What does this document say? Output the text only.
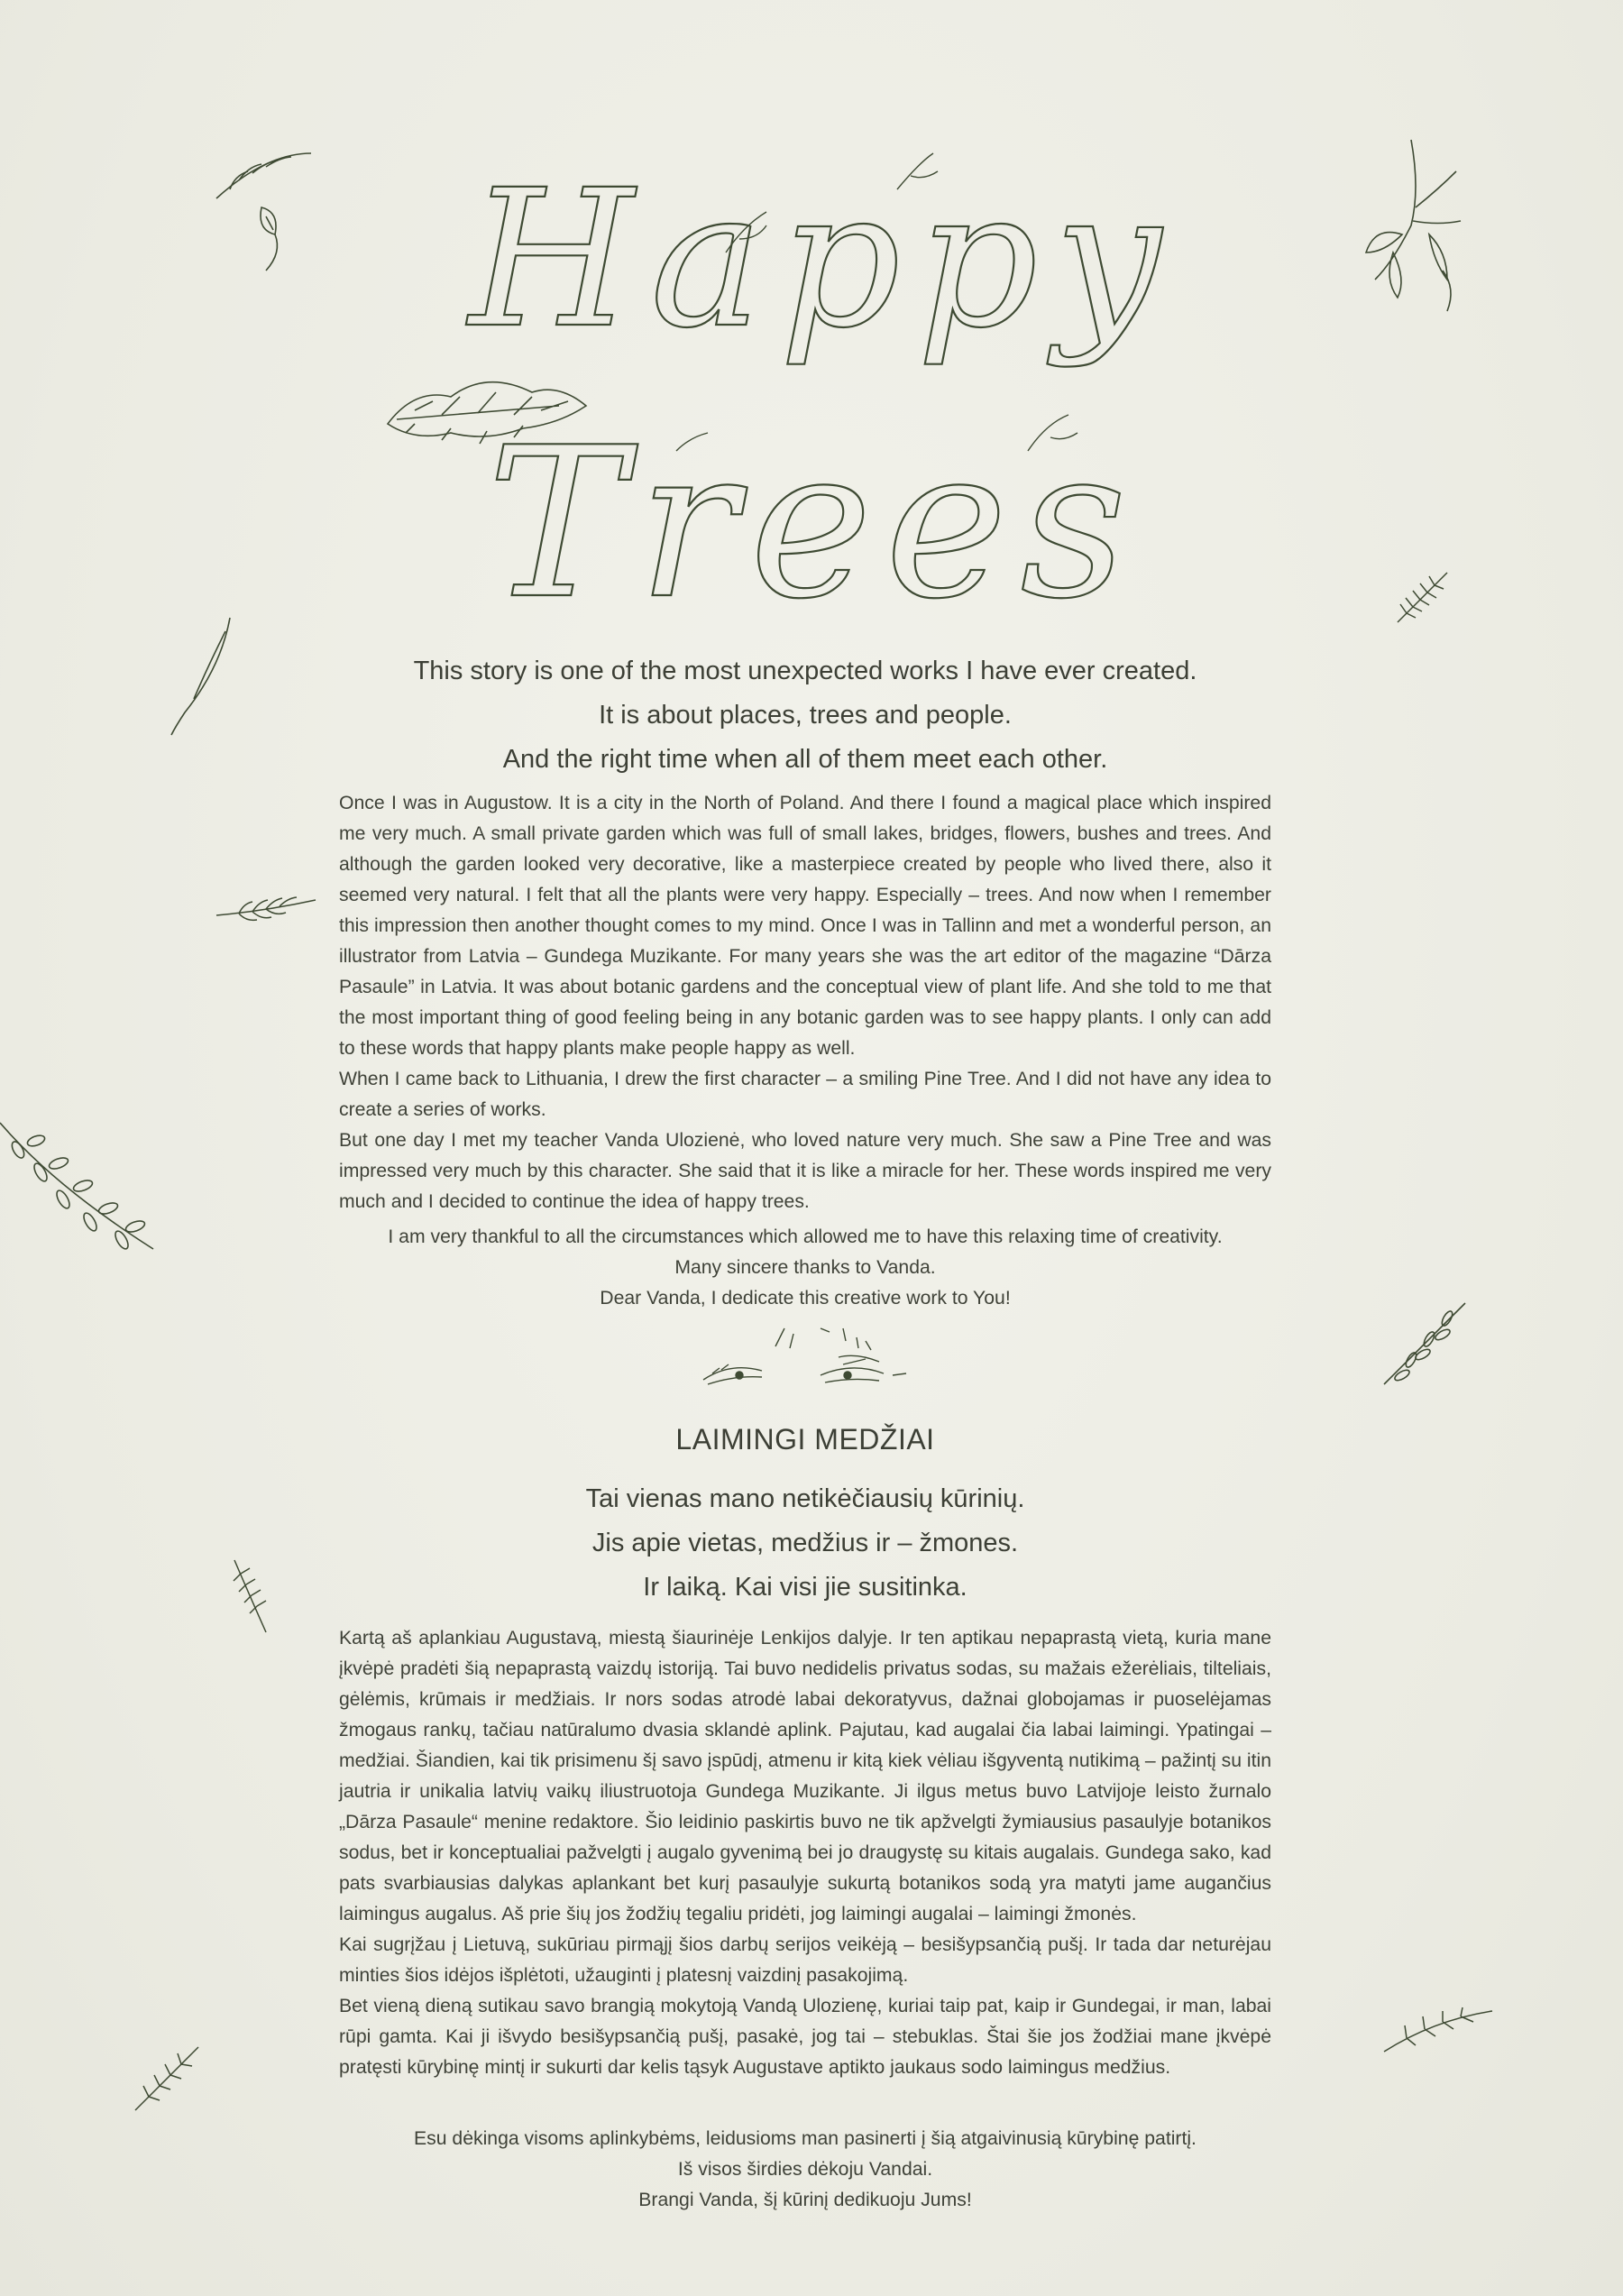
Happy
Trees
This story is one of the most unexpected works I have ever created.
It is about places, trees and people.
And the right time when all of them meet each other.

Once I was in Augustow. It is a city in the North of Poland. And there I found a magical place which inspired me very much. A small private garden which was full of small lakes, bridges, flowers, bushes and trees. And although the garden looked very decorative, like a masterpiece created by people who lived there, also it seemed very natural. I felt that all the plants were very happy. Especially – trees. And now when I remember this impression then another thought comes to my mind. Once I was in Tallinn and met a wonderful person, an illustrator from Latvia – Gundega Muzikante. For many years she was the art editor of the magazine “Dārza Pasaule” in Latvia. It was about botanic gardens and the conceptual view of plant life. And she told to me that the most important thing of good feeling being in any botanic garden was to see happy plants. I only can add to these words that happy plants make people happy as well.

When I came back to Lithuania, I drew the first character – a smiling Pine Tree. And I did not have any idea to create a series of works.

But one day I met my teacher Vanda Ulozienė, who loved nature very much. She saw a Pine Tree and was impressed very much by this character. She said that it is like a miracle for her. These words inspired me very much and I decided to continue the idea of happy trees.

I am very thankful to all the circumstances which allowed me to have this relaxing time of creativity.

Many sincere thanks to Vanda.

Dear Vanda, I dedicate this creative work to You!

LAIMINGI MEDŽIAI
Tai vienas mano netikėčiausių kūrinių.
Jis apie vietas, medžius ir – žmones.
Ir laiką. Kai visi jie susitinka.

Kartą aš aplankiau Augustavą, miestą šiaurinėje Lenkijos dalyje. Ir ten aptikau nepaprastą vietą, kuria mane įkvėpė pradėti šią nepaprastą vaizdų istoriją. Tai buvo nedidelis privatus sodas, su mažais ežerėliais, tilteliais, gėlėmis, krūmais ir medžiais. Ir nors sodas atrodė labai dekoratyvus, dažnai globojamas ir puoselėjamas žmogaus rankų, tačiau natūralumo dvasia sklandė aplink. Pajutau, kad augalai čia labai laimingi. Ypatingai – medžiai. Šiandien, kai tik prisimenu šį savo įspūdį, atmenu ir kitą kiek vėliau išgyventą nutikimą – pažintį su itin jautria ir unikalia latvių vaikų iliustruotoja Gundega Muzikante. Ji ilgus metus buvo Latvijoje leisto žurnalo „Dārza Pasaule“ menine redaktore. Šio leidinio paskirtis buvo ne tik apžvelgti žymiausius pasaulyje botanikos sodus, bet ir konceptualiai pažvelgti į augalo gyvenimą bei jo draugystę su kitais augalais. Gundega sako, kad pats svarbiausias dalykas aplankant bet kurį pasaulyje sukurtą botanikos sodą yra matyti jame augančius laimingus augalus. Aš prie šių jos žodžių tegaliu pridėti, jog laimingi augalai – laimingi žmonės.

Kai sugrįžau į Lietuvą, sukūriau pirmąjį šios darbų serijos veikėją – besišypsančią pušį. Ir tada dar neturėjau minties šios idėjos išplėtoti, užauginti į platesnį vaizdinį pasakojimą.

Bet vieną dieną sutikau savo brangią mokytoją Vandą Ulozienę, kuriai taip pat, kaip ir Gundegai, ir man, labai rūpi gamta. Kai ji išvydo besišypsančią pušį, pasakė, jog tai – stebuklas. Štai šie jos žodžiai mane įkvėpė pratęsti kūrybinę mintį ir sukurti dar kelis tąsyk Augustave aptikto jaukaus sodo laimingus medžius.

Esu dėkinga visoms aplinkybėms, leidusioms man pasinerti į šią atgaivinusią kūrybinę patirtį.

Iš visos širdies dėkoju Vandai.

Brangi Vanda, šį kūrinį dedikuoju Jums!
